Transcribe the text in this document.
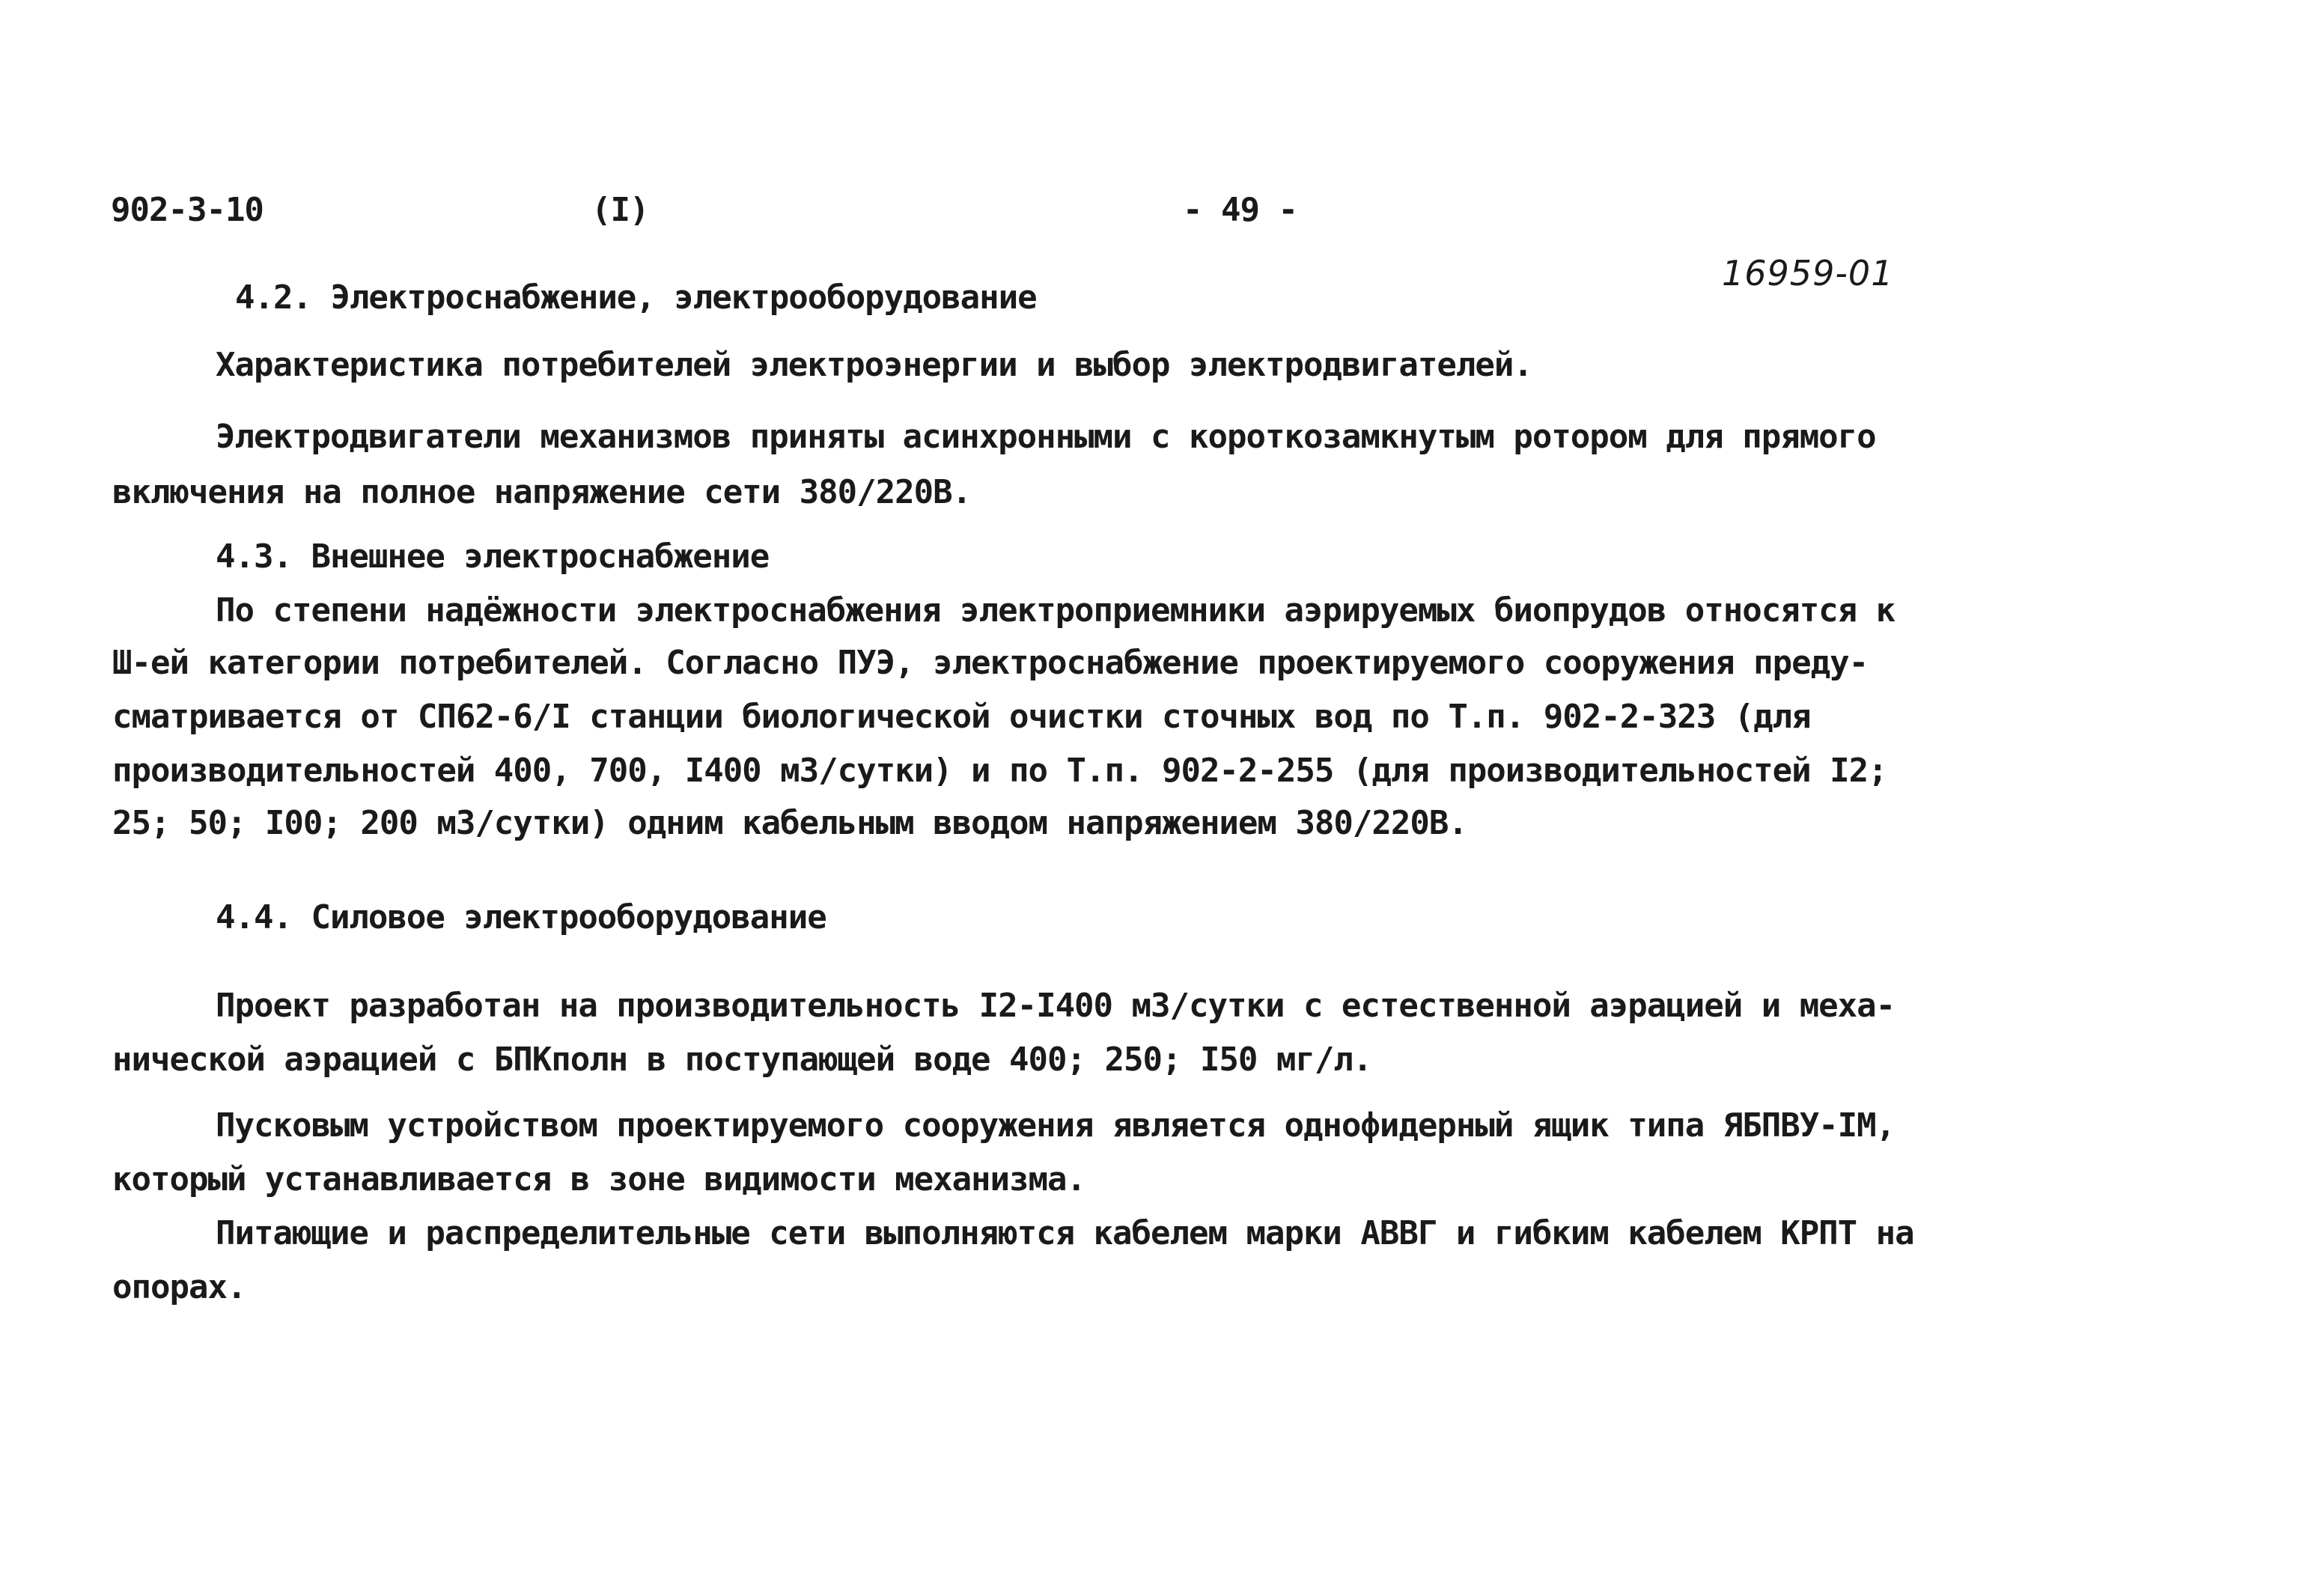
902-3-10	(I)	- 49 -
16959-01
4.2. Электроснабжение, электрооборудование
Характеристика потребителей электроэнергии и выбор электродвигателей.
Электродвигатели механизмов приняты асинхронными с короткозамкнутым ротором для прямого
включения на полное напряжение сети 380/220В.
4.3. Внешнее электроснабжение
По степени надёжности электроснабжения электроприемники аэрируемых биопрудов относятся к
Ш-ей категории потребителей. Согласно ПУЭ, электроснабжение проектируемого сооружения преду-
сматривается от СП62-6/I станции биологической очистки сточных вод по Т.п. 902-2-323 (для
производительностей 400, 700, I400 м3/сутки) и по Т.п. 902-2-255 (для производительностей I2;
25; 50; I00; 200 м3/сутки) одним кабельным вводом напряжением 380/220В.
4.4. Силовое электрооборудование
Проект разработан на производительность I2-I400 м3/сутки с естественной аэрацией и меха-
нической аэрацией с БПКполн в поступающей воде 400; 250; I50 мг/л.
Пусковым устройством проектируемого сооружения является однофидерный ящик типа ЯБПВУ-IМ,
который устанавливается в зоне видимости механизма.
Питающие и распределительные сети выполняются кабелем марки АВВГ и гибким кабелем КРПТ на
опорах.
